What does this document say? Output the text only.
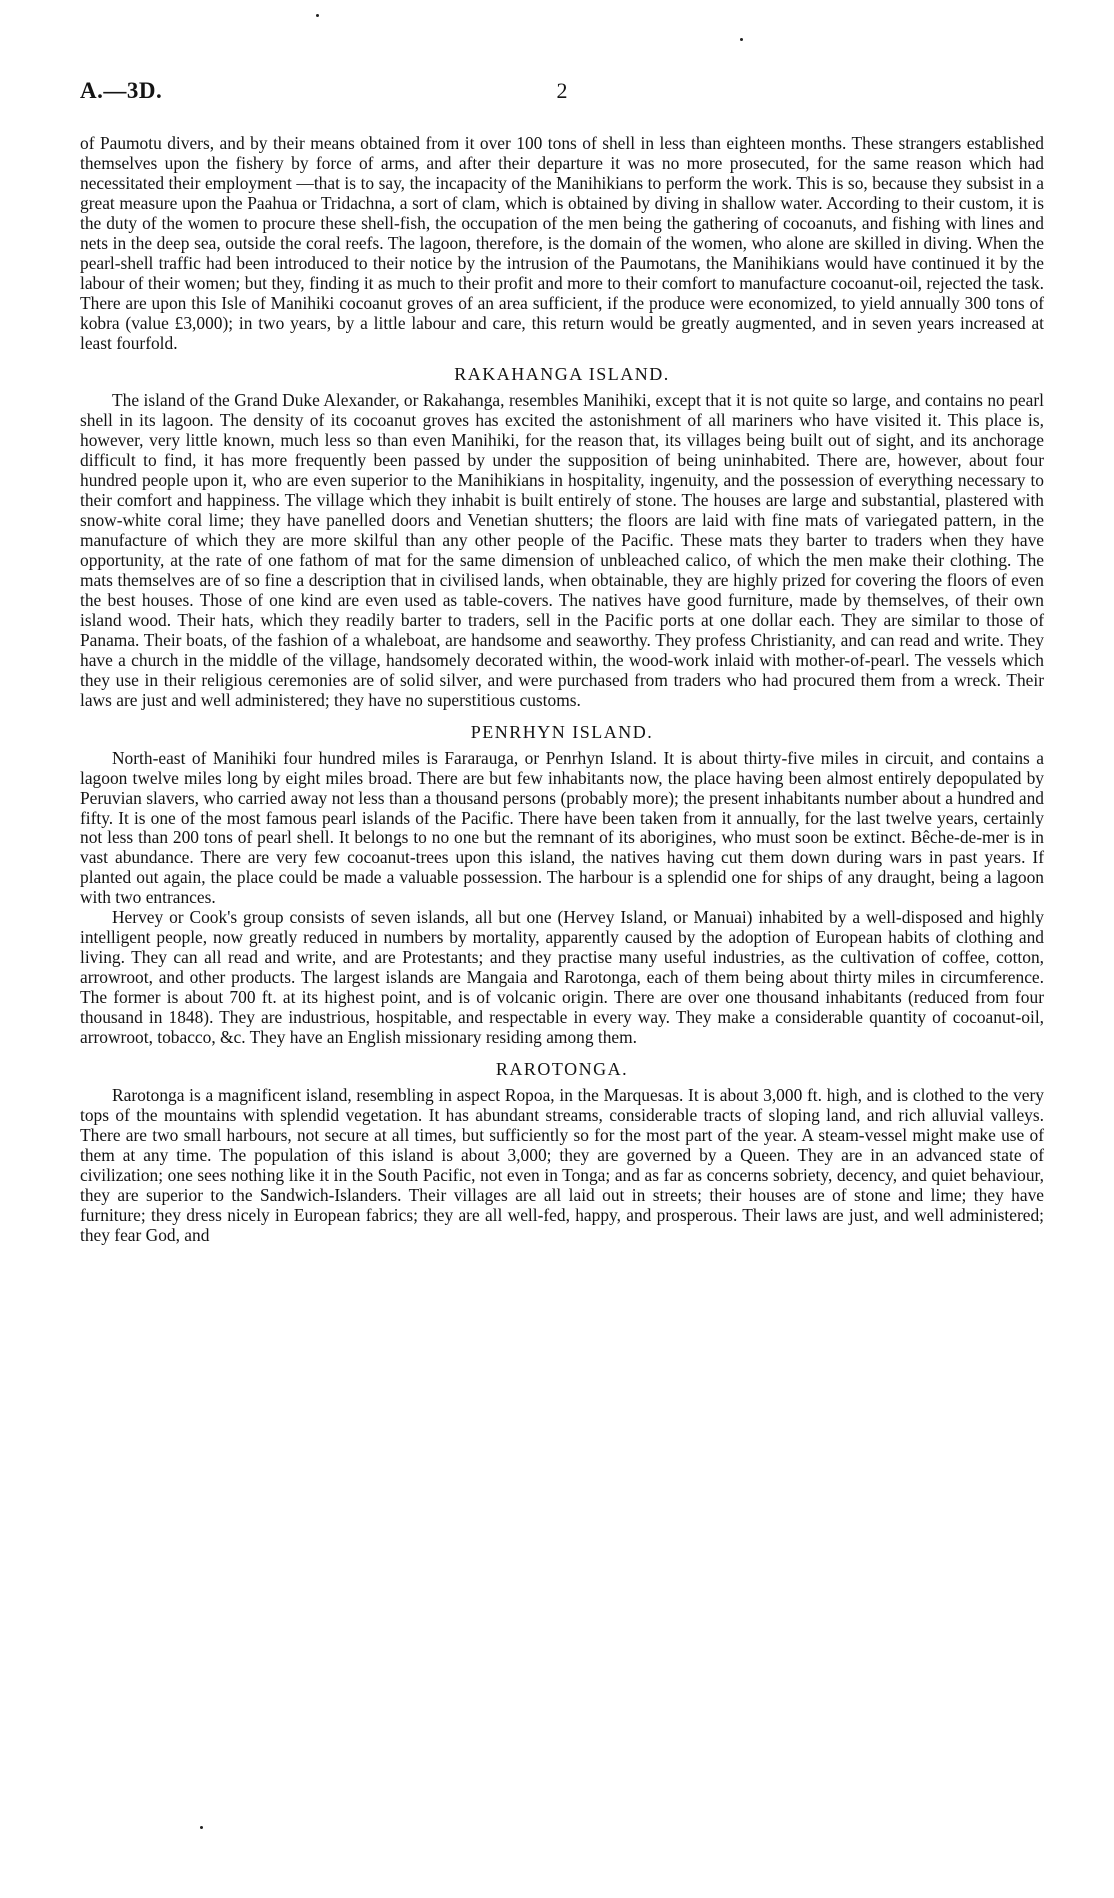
A.—3D.	2

of Paumotu divers, and by their means obtained from it over 100 tons of shell in less than eighteen months. These strangers established themselves upon the fishery by force of arms, and after their departure it was no more prosecuted, for the same reason which had necessitated their employment —that is to say, the incapacity of the Manihikians to perform the work. This is so, because they subsist in a great measure upon the Paahua or Tridachna, a sort of clam, which is obtained by diving in shallow water. According to their custom, it is the duty of the women to procure these shell-fish, the occupation of the men being the gathering of cocoanuts, and fishing with lines and nets in the deep sea, outside the coral reefs. The lagoon, therefore, is the domain of the women, who alone are skilled in diving. When the pearl-shell traffic had been introduced to their notice by the intrusion of the Paumotans, the Manihikians would have continued it by the labour of their women; but they, finding it as much to their profit and more to their comfort to manufacture cocoanut-oil, rejected the task. There are upon this Isle of Manihiki cocoanut groves of an area sufficient, if the produce were economized, to yield annually 300 tons of kobra (value £3,000); in two years, by a little labour and care, this return would be greatly augmented, and in seven years increased at least fourfold.

RAKAHANGA ISLAND.

The island of the Grand Duke Alexander, or Rakahanga, resembles Manihiki, except that it is not quite so large, and contains no pearl shell in its lagoon. The density of its cocoanut groves has excited the astonishment of all mariners who have visited it. This place is, however, very little known, much less so than even Manihiki, for the reason that, its villages being built out of sight, and its anchorage difficult to find, it has more frequently been passed by under the supposition of being uninhabited. There are, however, about four hundred people upon it, who are even superior to the Manihikians in hospitality, ingenuity, and the possession of everything necessary to their comfort and happiness. The village which they inhabit is built entirely of stone. The houses are large and substantial, plastered with snow-white coral lime; they have panelled doors and Venetian shutters; the floors are laid with fine mats of variegated pattern, in the manufacture of which they are more skilful than any other people of the Pacific. These mats they barter to traders when they have opportunity, at the rate of one fathom of mat for the same dimension of unbleached calico, of which the men make their clothing. The mats themselves are of so fine a description that in civilised lands, when obtainable, they are highly prized for covering the floors of even the best houses. Those of one kind are even used as table-covers. The natives have good furniture, made by themselves, of their own island wood. Their hats, which they readily barter to traders, sell in the Pacific ports at one dollar each. They are similar to those of Panama. Their boats, of the fashion of a whaleboat, are handsome and seaworthy. They profess Christianity, and can read and write. They have a church in the middle of the village, handsomely decorated within, the wood-work inlaid with mother-of-pearl. The vessels which they use in their religious ceremonies are of solid silver, and were purchased from traders who had procured them from a wreck. Their laws are just and well administered; they have no superstitious customs.

PENRHYN ISLAND.

North-east of Manihiki four hundred miles is Fararauga, or Penrhyn Island. It is about thirty-five miles in circuit, and contains a lagoon twelve miles long by eight miles broad. There are but few inhabitants now, the place having been almost entirely depopulated by Peruvian slavers, who carried away not less than a thousand persons (probably more); the present inhabitants number about a hundred and fifty. It is one of the most famous pearl islands of the Pacific. There have been taken from it annually, for the last twelve years, certainly not less than 200 tons of pearl shell. It belongs to no one but the remnant of its aborigines, who must soon be extinct. Bêche-de-mer is in vast abundance. There are very few cocoanut-trees upon this island, the natives having cut them down during wars in past years. If planted out again, the place could be made a valuable possession. The harbour is a splendid one for ships of any draught, being a lagoon with two entrances.

Hervey or Cook's group consists of seven islands, all but one (Hervey Island, or Manuai) inhabited by a well-disposed and highly intelligent people, now greatly reduced in numbers by mortality, apparently caused by the adoption of European habits of clothing and living. They can all read and write, and are Protestants; and they practise many useful industries, as the cultivation of coffee, cotton, arrowroot, and other products. The largest islands are Mangaia and Rarotonga, each of them being about thirty miles in circumference. The former is about 700 ft. at its highest point, and is of volcanic origin. There are over one thousand inhabitants (reduced from four thousand in 1848). They are industrious, hospitable, and respectable in every way. They make a considerable quantity of cocoanut-oil, arrowroot, tobacco, &c. They have an English missionary residing among them.

RAROTONGA.

Rarotonga is a magnificent island, resembling in aspect Ropoa, in the Marquesas. It is about 3,000 ft. high, and is clothed to the very tops of the mountains with splendid vegetation. It has abundant streams, considerable tracts of sloping land, and rich alluvial valleys. There are two small harbours, not secure at all times, but sufficiently so for the most part of the year. A steam-vessel might make use of them at any time. The population of this island is about 3,000; they are governed by a Queen. They are in an advanced state of civilization; one sees nothing like it in the South Pacific, not even in Tonga; and as far as concerns sobriety, decency, and quiet behaviour, they are superior to the Sandwich-Islanders. Their villages are all laid out in streets; their houses are of stone and lime; they have furniture; they dress nicely in European fabrics; they are all well-fed, happy, and prosperous. Their laws are just, and well administered; they fear God, and
